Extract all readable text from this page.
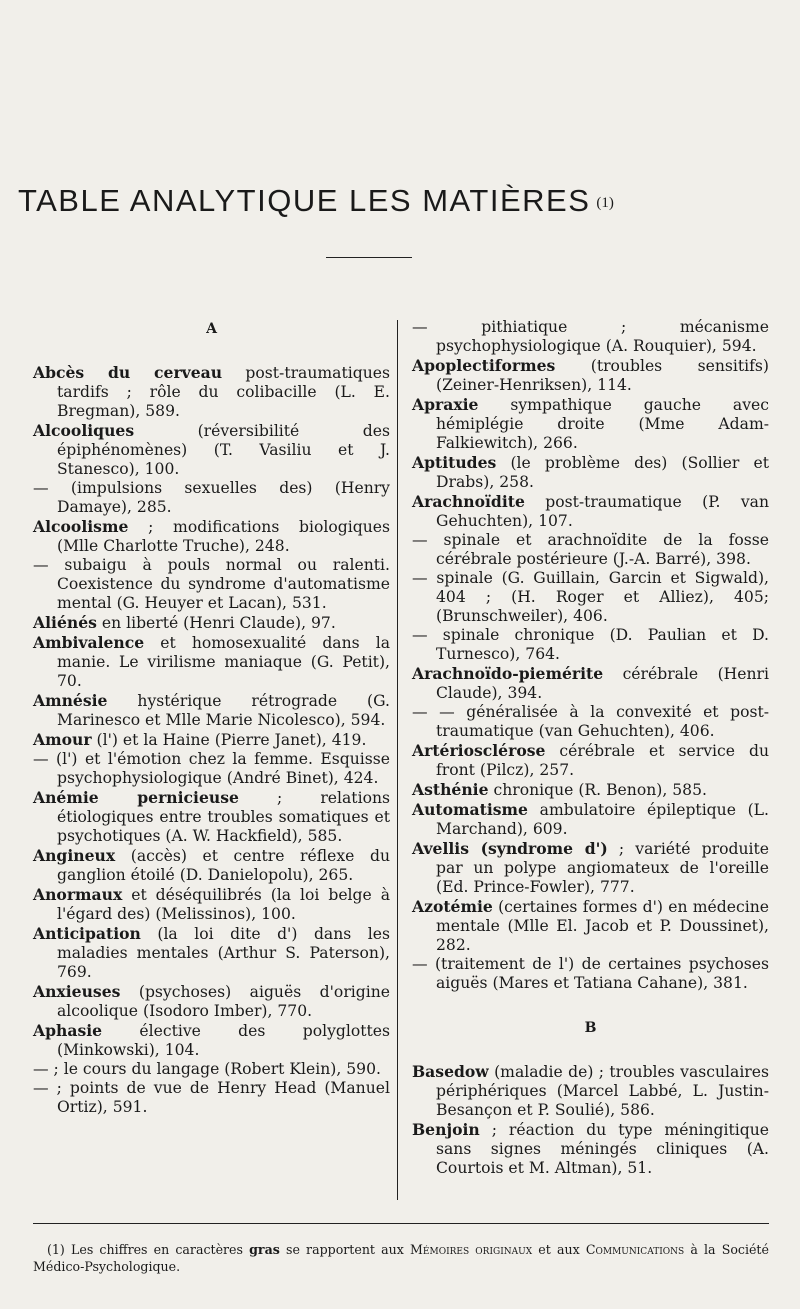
TABLE ANALYTIQUE LES MATIÈRES $^{(1)}$
A

Abcès du cerveau post-traumatiques tardifs ; rôle du colibacille (L. E. Bregman), 589.

Alcooliques (réversibilité des épiphénomènes) (T. Vasiliu et J. Stanesco), 100.

— (impulsions sexuelles des) (Henry Damaye), 285.

Alcoolisme ; modifications biologiques (Mlle Charlotte Truche), 248.

— subaigu à pouls normal ou ralenti. Coexistence du syndrome d'automatisme mental (G. Heuyer et Lacan), 531.

Aliénés en liberté (Henri Claude), 97.

Ambivalence et homosexualité dans la manie. Le virilisme maniaque (G. Petit), 70.

Amnésie hystérique rétrograde (G. Marinesco et Mlle Marie Nicolesco), 594.

Amour (l') et la Haine (Pierre Janet), 419.

— (l') et l'émotion chez la femme. Esquisse psychophysiologique (André Binet), 424.

Anémie pernicieuse ; relations étiologiques entre troubles somatiques et psychotiques (A. W. Hackfield), 585.

Angineux (accès) et centre réflexe du ganglion étoilé (D. Danielopolu), 265.

Anormaux et déséquilibrés (la loi belge à l'égard des) (Melissinos), 100.

Anticipation (la loi dite d') dans les maladies mentales (Arthur S. Paterson), 769.

Anxieuses (psychoses) aiguës d'origine alcoolique (Isodoro Imber), 770.

Aphasie élective des polyglottes (Minkowski), 104.

— ; le cours du langage (Robert Klein), 590.

— ; points de vue de Henry Head (Manuel Ortiz), 591.

— pithiatique ; mécanisme psychophysiologique (A. Rouquier), 594.

Apoplectiformes (troubles sensitifs) (Zeiner-Henriksen), 114.

Apraxie sympathique gauche avec hémiplégie droite (Mme Adam-Falkiewitch), 266.

Aptitudes (le problème des) (Sollier et Drabs), 258.

Arachnoïdite post-traumatique (P. van Gehuchten), 107.

— spinale et arachnoïdite de la fosse cérébrale postérieure (J.-A. Barré), 398.

— spinale (G. Guillain, Garcin et Sigwald), 404 ; (H. Roger et Alliez), 405; (Brunschweiler), 406.

— spinale chronique (D. Paulian et D. Turnesco), 764.

Arachnoïdo-piemérite cérébrale (Henri Claude), 394.

— — généralisée à la convexité et post-traumatique (van Gehuchten), 406.

Artériosclérose cérébrale et service du front (Pilcz), 257.

Asthénie chronique (R. Benon), 585.

Automatisme ambulatoire épileptique (L. Marchand), 609.

Avellis (syndrome d') ; variété produite par un polype angiomateux de l'oreille (Ed. Prince-Fowler), 777.

Azotémie (certaines formes d') en médecine mentale (Mlle El. Jacob et P. Doussinet), 282.

— (traitement de l') de certaines psychoses aiguës (Mares et Tatiana Cahane), 381.

B

Basedow (maladie de) ; troubles vasculaires périphériques (Marcel Labbé, L. Justin-Besançon et P. Soulié), 586.

Benjoin ; réaction du type méningitique sans signes méningés cliniques (A. Courtois et M. Altman), 51.

(1) Les chiffres en caractères gras se rapportent aux Mémoires originaux et aux Communications à la Société Médico-Psychologique.
